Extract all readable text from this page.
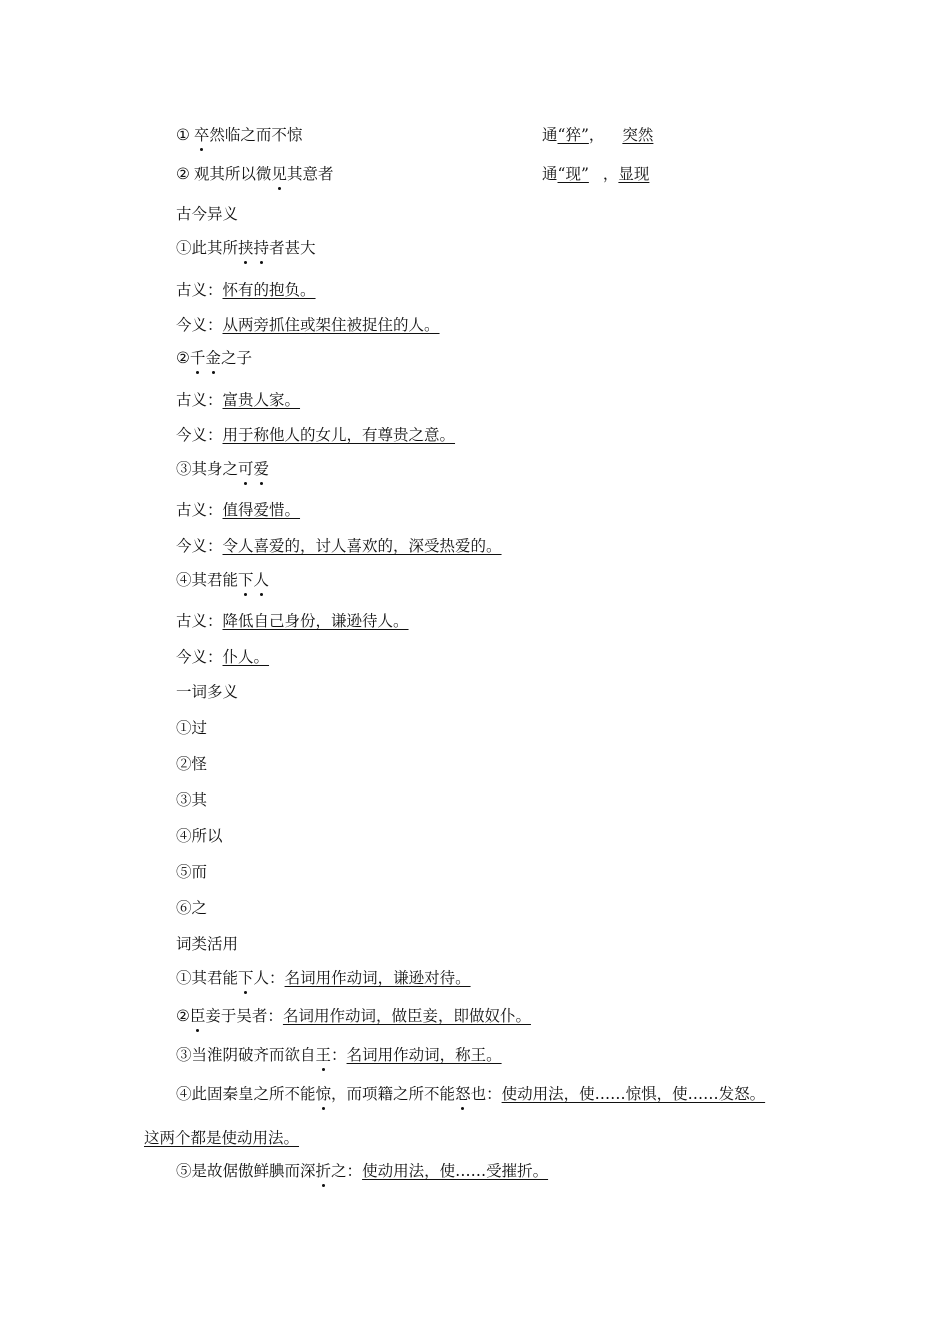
① 卒然临之而不惊	通“猝”， 突然
② 观其所以微见其意者	通“现” ，显现
古今异义
①此其所挟持者甚大
古义：怀有的抱负。
今义：从两旁抓住或架住被捉住的人。
②千金之子
古义：富贵人家。
今义：用于称他人的女儿，有尊贵之意。
③其身之可爱
古义：值得爱惜。
今义：令人喜爱的，讨人喜欢的，深受热爱的。
④其君能下人
古义：降低自己身份，谦逊待人。
今义：仆人。
一词多义
①过
②怪
③其
④所以
⑤而
⑥之
词类活用
①其君能下人：名词用作动词，谦逊对待。
②臣妾于吴者：名词用作动词，做臣妾，即做奴仆。
③当淮阴破齐而欲自王：名词用作动词，称王。
④此固秦皇之所不能惊，而项籍之所不能怒也：使动用法，使……惊惧，使……发怒。
这两个都是使动用法。
⑤是故倨傲鲜腆而深折之：使动用法，使……受摧折。
